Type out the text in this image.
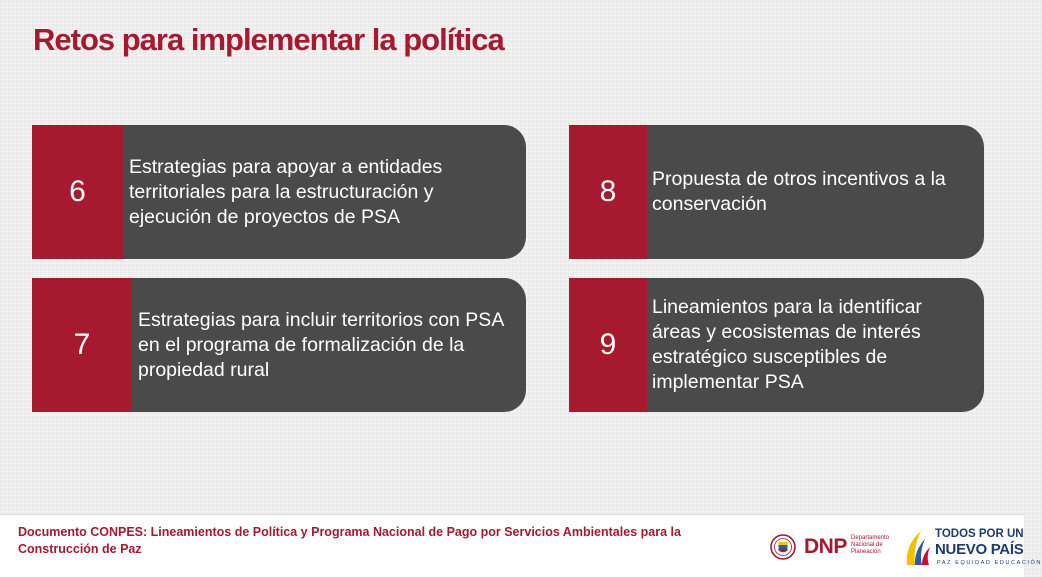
Retos para implementar la política
6
Estrategias para apoyar a entidades territoriales para la estructuración y ejecución de proyectos de PSA
7
Estrategias para incluir territorios con PSA en el programa de formalización de la propiedad rural
8	Propuesta de otros incentivos a la conservación
9
Lineamientos para la identificar áreas y ecosistemas de interés estratégico susceptibles de implementar PSA
Documento CONPES: Lineamientos de Política y Programa Nacional de Pago por Servicios Ambientales para la Construcción de Paz	DNP Departamento Nacional de Planeación
TODOS POR UN
NUEVO PAÍS
PAZ EQUIDAD EDUCACIÓN
